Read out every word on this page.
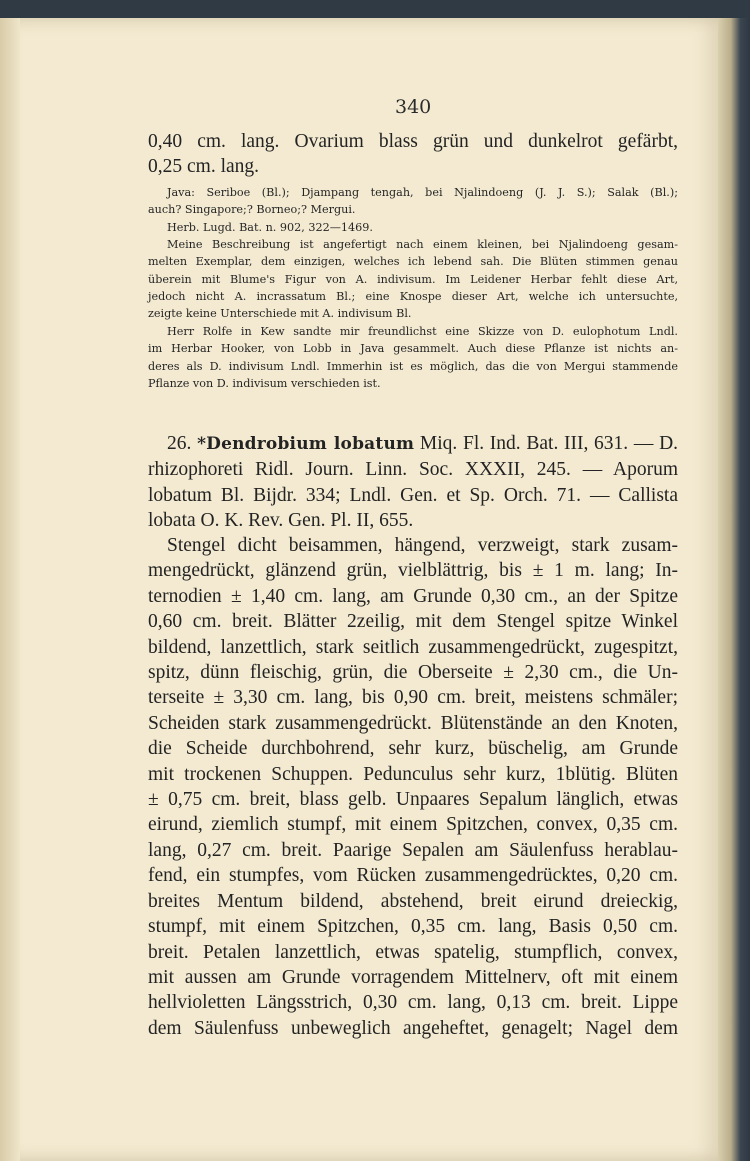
340
0,40 cm. lang. Ovarium blass grün und dunkelrot gefärbt,
0,25 cm. lang.
Java: Seriboe (Bl.); Djampang tengah, bei Njalindoeng (J. J. S.); Salak (Bl.);
auch? Singapore;? Borneo;? Mergui.
Herb. Lugd. Bat. n. 902, 322—1469.
Meine Beschreibung ist angefertigt nach einem kleinen, bei Njalindoeng gesam-
melten Exemplar, dem einzigen, welches ich lebend sah. Die Blüten stimmen genau
überein mit Blume's Figur von A. indivisum. Im Leidener Herbar fehlt diese Art,
jedoch nicht A. incrassatum Bl.; eine Knospe dieser Art, welche ich untersuchte,
zeigte keine Unterschiede mit A. indivisum Bl.
Herr Rolfe in Kew sandte mir freundlichst eine Skizze von D. eulophotum Lndl.
im Herbar Hooker, von Lobb in Java gesammelt. Auch diese Pflanze ist nichts an-
deres als D. indivisum Lndl. Immerhin ist es möglich, das die von Mergui stammende
Pflanze von D. indivisum verschieden ist.
26. *Dendrobium lobatum Miq. Fl. Ind. Bat. III, 631. — D.
rhizophoreti Ridl. Journ. Linn. Soc. XXXII, 245. — Aporum
lobatum Bl. Bijdr. 334; Lndl. Gen. et Sp. Orch. 71. — Callista
lobata O. K. Rev. Gen. Pl. II, 655.
Stengel dicht beisammen, hängend, verzweigt, stark zusam-
mengedrückt, glänzend grün, vielblättrig, bis ± 1 m. lang; In-
ternodien ± 1,40 cm. lang, am Grunde 0,30 cm., an der Spitze
0,60 cm. breit. Blätter 2zeilig, mit dem Stengel spitze Winkel
bildend, lanzettlich, stark seitlich zusammengedrückt, zugespitzt,
spitz, dünn fleischig, grün, die Oberseite ± 2,30 cm., die Un-
terseite ± 3,30 cm. lang, bis 0,90 cm. breit, meistens schmäler;
Scheiden stark zusammengedrückt. Blütenstände an den Knoten,
die Scheide durchbohrend, sehr kurz, büschelig, am Grunde
mit trockenen Schuppen. Pedunculus sehr kurz, 1blütig. Blüten
± 0,75 cm. breit, blass gelb. Unpaares Sepalum länglich, etwas
eirund, ziemlich stumpf, mit einem Spitzchen, convex, 0,35 cm.
lang, 0,27 cm. breit. Paarige Sepalen am Säulenfuss herablau-
fend, ein stumpfes, vom Rücken zusammengedrücktes, 0,20 cm.
breites Mentum bildend, abstehend, breit eirund dreieckig,
stumpf, mit einem Spitzchen, 0,35 cm. lang, Basis 0,50 cm.
breit. Petalen lanzettlich, etwas spatelig, stumpflich, convex,
mit aussen am Grunde vorragendem Mittelnerv, oft mit einem
hellvioletten Längsstrich, 0,30 cm. lang, 0,13 cm. breit. Lippe
dem Säulenfuss unbeweglich angeheftet, genagelt; Nagel dem
